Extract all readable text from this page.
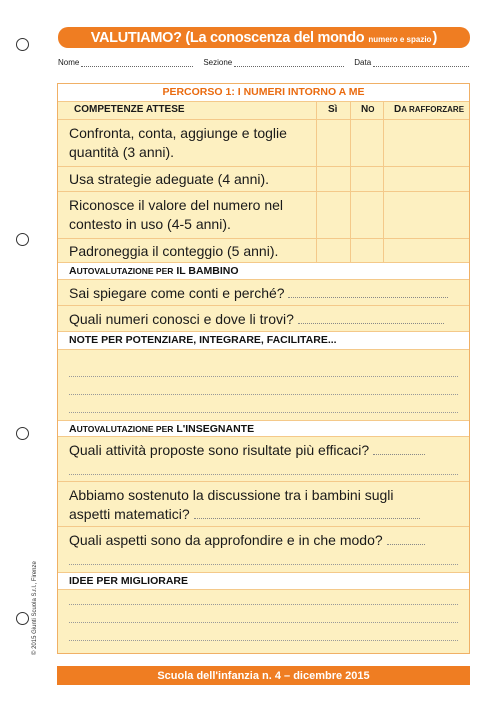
VALUTIAMO? (La conoscenza del mondo numero e spazio )
Nome	Sezione	Data
PERCORSO 1: I NUMERI INTORNO A ME
COMPETENZE ATTESE	Sì NO DA RAFFORZARE
Confronta, conta, aggiunge e toglie quantità (3 anni).
Usa strategie adeguate (4 anni).
Riconosce il valore del numero nel contesto in uso (4-5 anni).
Padroneggia il conteggio (5 anni).
AUTOVALUTAZIONE PER IL BAMBINO
Sai spiegare come conti e perché?
Quali numeri conosci e dove li trovi?
NOTE PER POTENZIARE, INTEGRARE, FACILITARE...
AUTOVALUTAZIONE PER L'INSEGNANTE
Quali attività proposte sono risultate più efficaci?
Abbiamo sostenuto la discussione tra i bambini sugli
aspetti matematici?
Quali aspetti sono da approfondire e in che modo?
IDEE PER MIGLIORARE
Scuola dell'infanzia n. 4 – dicembre 2015
© 2015 Giunti Scuola S.r.l., Firenze
